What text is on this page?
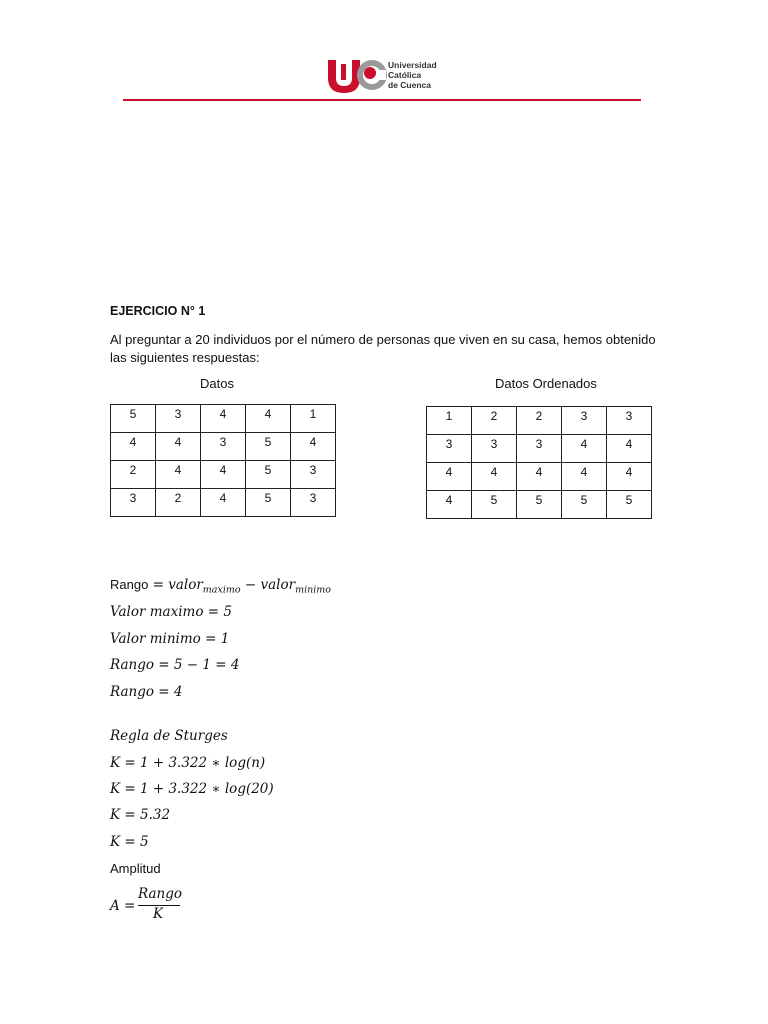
Universidad
Católica
de Cuenca
EJERCICIO N° 1
Al preguntar a 20 individuos por el número de personas que viven en su casa, hemos obtenido las siguientes respuestas:
Datos	Datos Ordenados
5	3	4	4	1
4	4	3	5	4
2	4	4	5	3
3	2	4	5	3
1	2	2	3	3
3	3	3	4	4
4	4	4	4	4
4	5	5	5	5
Rango = valor$_{maximo}$ − valor$_{minimo}$
Valor maximo = 5
Valor minimo = 1
Rango = 5 − 1 = 4
Rango = 4
Regla de Sturges
K = 1 + 3.322 ∗ log(n)
K = 1 + 3.322 ∗ log(20)
K = 5.32
K = 5
Amplitud
A =
Rango
K
